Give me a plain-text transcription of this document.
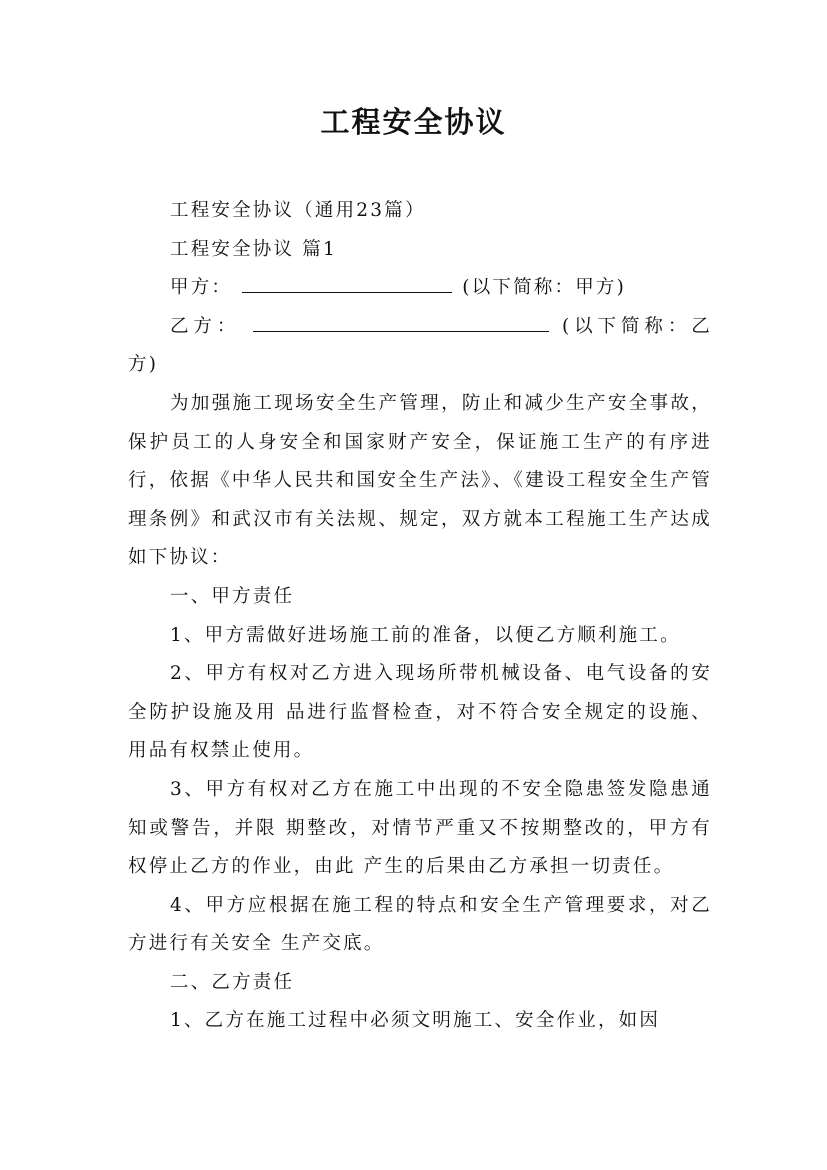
工程安全协议

工程安全协议（通用23篇）

工程安全协议 篇1

甲方：	(以下简称：甲方)

乙方：	(以下简称：乙方)

为加强施工现场安全生产管理，防止和减少生产安全事故，保护员工的人身安全和国家财产安全，保证施工生产的有序进行，依据《中华人民共和国安全生产法》、《建设工程安全生产管理条例》和武汉市有关法规、规定，双方就本工程施工生产达成如下协议：

一、甲方责任

1、甲方需做好进场施工前的准备，以便乙方顺利施工。

2、甲方有权对乙方进入现场所带机械设备、电气设备的安全防护设施及用 品进行监督检查，对不符合安全规定的设施、用品有权禁止使用。

3、甲方有权对乙方在施工中出现的不安全隐患签发隐患通知或警告，并限 期整改，对情节严重又不按期整改的，甲方有权停止乙方的作业，由此 产生的后果由乙方承担一切责任。

4、甲方应根据在施工程的特点和安全生产管理要求，对乙方进行有关安全 生产交底。

二、乙方责任

1、乙方在施工过程中必须文明施工、安全作业，如因
